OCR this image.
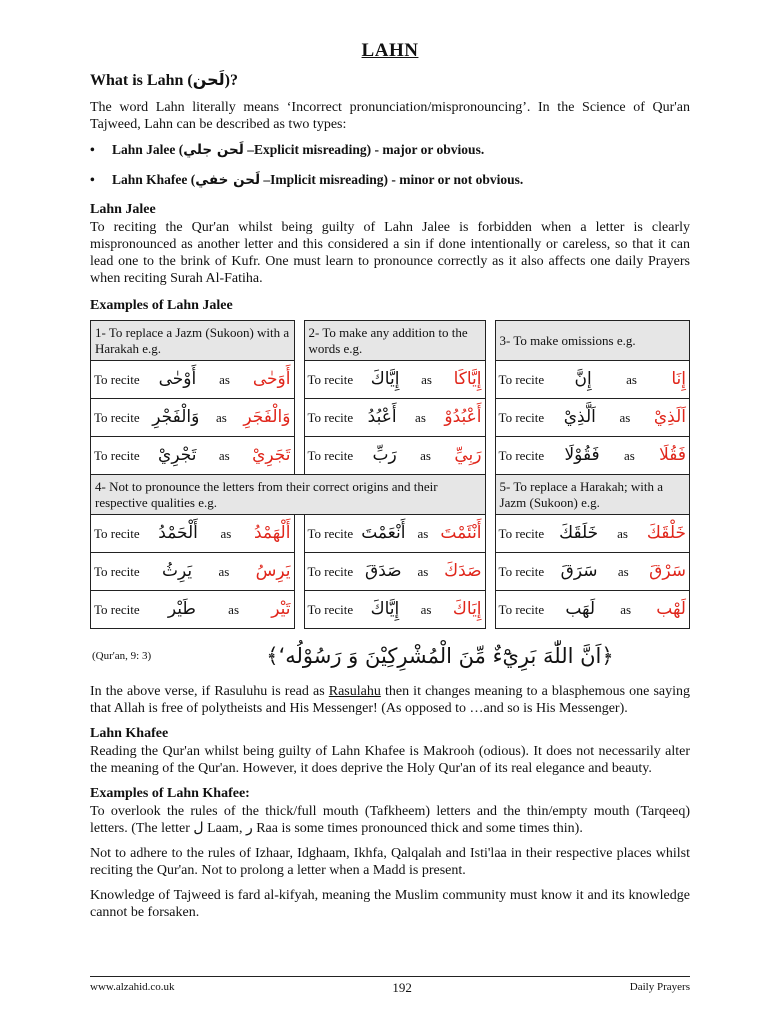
LAHN
What is Lahn (لَحن)?

The word Lahn literally means ‘Incorrect pronunciation/mispronouncing’. In the Science of Qur'an Tajweed, Lahn can be described as two types:

• Lahn Jalee (لَحن جلي –Explicit misreading) - major or obvious.
• Lahn Khafee (لَحن خفي –Implicit misreading) - minor or not obvious.
Lahn Jalee

To reciting the Qur'an whilst being guilty of Lahn Jalee is forbidden when a letter is clearly mispronounced as another letter and this considered a sin if done intentionally or careless, so that it can lead one to the brink of Kufr. One must learn to pronounce correctly as it also affects one daily Prayers when reciting Surah Al-Fatiha.

Examples of Lahn Jalee
1- To replace a Jazm (Sukoon) with a Harakah e.g.		2- To make any addition to the words e.g.		3- To make omissions e.g.

To recite أَوْحٰى as أَوَحٰى		To recite إِيَّاكَ as إِيَّاكَا		To recite إِنَّ as إِنَا

To recite وَالْفَجْرِ as وَالْفَجَرِ		To recite أَعْبُدُ as أَعْبُدُوْ		To recite اَلَّذِيْ as اَلَذِيْ

To recite تَجْرِيْ as تَجَرِيْ		To recite رَبِّ as رَبِيِّ		To recite فَقُوْلَا as فَقُلَا

4- Not to pronounce the letters from their correct origins and their respective qualities e.g.				5- To replace a Harakah; with a Jazm (Sukoon) e.g.

To recite أَلْحَمْدُ as أَلْهَمْدُ		To recite أَنْعَمْتَ as أَنْئَمْتَ		To recite خَلَقَكَ as خَلْقَكَ

To recite يَرِثُ as يَرِسُ		To recite صَدَقَ as صَدَكَ		To recite سَرَقَ as سَرْقَ

To recite طَيْر as تَيْر		To recite إِيَّاكَ as إِيَاكَ		To recite لَهَب as لَهْب
(Qur'an, 9: 3)	﴿اَنَّ اللّٰهَ بَرِيْٓءٌ مِّنَ الْمُشْرِكِيْنَ وَ رَسُوْلُه‘﴾

In the above verse, if Rasuluhu is read as Rasulahu then it changes meaning to a blasphemous one saying that Allah is free of polytheists and His Messenger! (As opposed to …and so is His Messenger).

Lahn Khafee

Reading the Qur'an whilst being guilty of Lahn Khafee is Makrooh (odious). It does not necessarily alter the meaning of the Qur'an. However, it does deprive the Holy Qur'an of its real elegance and beauty.

Examples of Lahn Khafee:

To overlook the rules of the thick/full mouth (Tafkheem) letters and the thin/empty mouth (Tarqeeq) letters. (The letter ل Laam, ر Raa is some times pronounced thick and some times thin).

Not to adhere to the rules of Izhaar, Idghaam, Ikhfa, Qalqalah and Isti'laa in their respective places whilst reciting the Qur'an. Not to prolong a letter when a Madd is present.

Knowledge of Tajweed is fard al-kifyah, meaning the Muslim community must know it and its knowledge cannot be forsaken.

www.alzahid.co.uk	192	Daily Prayers
